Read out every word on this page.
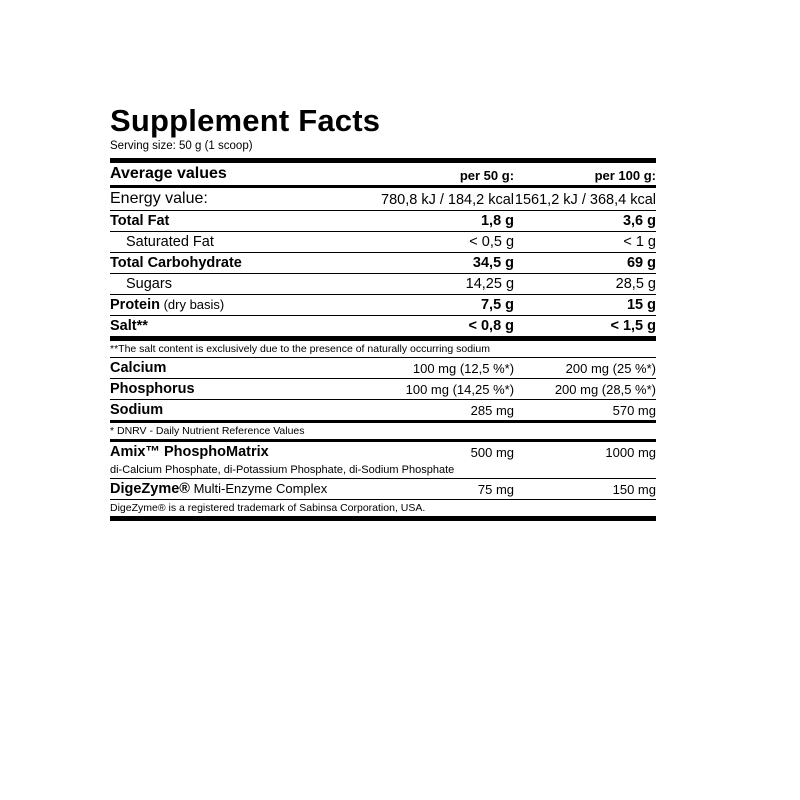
Supplement Facts
Serving size: 50 g (1 scoop)
Average values	per 50 g:	per 100 g:
Energy value:	780,8 kJ / 184,2 kcal	1561,2 kJ / 368,4 kcal
Total Fat	1,8 g	3,6 g
Saturated Fat	< 0,5 g	< 1 g
Total Carbohydrate	34,5 g	69 g
Sugars	14,25 g	28,5 g
Protein (dry basis)	7,5 g	15 g
Salt**	< 0,8 g	< 1,5 g
**The salt content is exclusively due to the presence of naturally occurring sodium		
Calcium	100 mg (12,5 %*)	200 mg (25 %*)
Phosphorus	100 mg (14,25 %*)	200 mg (28,5 %*)
Sodium	285 mg	570 mg
* DNRV - Daily Nutrient Reference Values		
Amix™ PhosphoMatrix	500 mg	1000 mg
di-Calcium Phosphate, di-Potassium Phosphate, di-Sodium Phosphate		
DigeZyme® Multi-Enzyme Complex	75 mg	150 mg
DigeZyme® is a registered trademark of Sabinsa Corporation, USA.		
